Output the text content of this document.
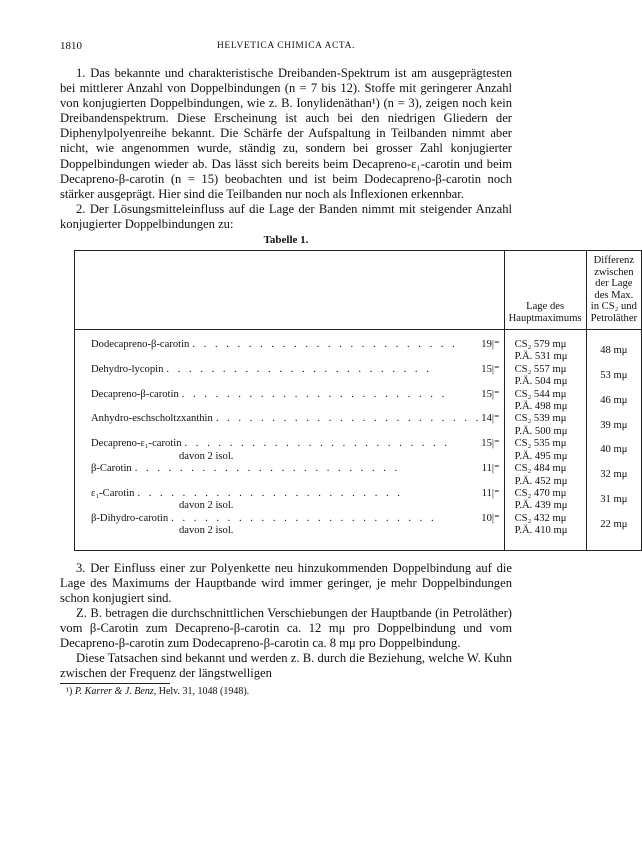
1810	HELVETICA CHIMICA ACTA.

1. Das bekannte und charakteristische Dreibanden-Spektrum ist am ausgeprägtesten bei mittlerer Anzahl von Doppelbindungen (n = 7 bis 12). Stoffe mit geringerer Anzahl von konjugierten Doppelbindungen, wie z. B. Ionylidenäthan¹) (n = 3), zeigen noch kein Dreibandenspektrum. Diese Erscheinung ist auch bei den niedrigen Gliedern der Diphenylpolyenreihe bekannt. Die Schärfe der Aufspaltung in Teilbanden nimmt aber nicht, wie angenommen wurde, ständig zu, sondern bei grosser Zahl konjugierter Doppelbindungen wieder ab. Das lässt sich bereits beim Decapreno-ε₁-carotin und beim Decapreno-β-carotin (n = 15) beobachten und ist beim Dodecapreno-β-carotin noch stärker ausgeprägt. Hier sind die Teilbanden nur noch als Inflexionen erkennbar.

2. Der Lösungsmitteleinfluss auf die Lage der Banden nimmt mit steigender Anzahl konjugierter Doppelbindungen zu:

Tabelle 1.
	Lage des
Hauptmaximums	Differenz zwischen
der Lage des Max.
in CS₂ und
Petroläther

Dodecapreno-β-carotin . . . . . . . . . . . . . . . . . . . . . . . . 19|⁼	CS₂ 579 mμ
P.Ä. 531 mμ	48 mμ

Dehydro-lycopin . . . . . . . . . . . . . . . . . . . . . . . . 15|⁼	CS₂ 557 mμ
P.Ä. 504 mμ	53 mμ

Decapreno-β-carotin . . . . . . . . . . . . . . . . . . . . . . . . 15|⁼	CS₂ 544 mμ
P.Ä. 498 mμ	46 mμ

Anhydro-eschscholtzxanthin . . . . . . . . . . . . . . . . . . . . . . . . 14|⁼	CS₂ 539 mμ
P.Ä. 500 mμ	39 mμ

Decapreno-ε₁-carotin . . . . . . . . . . . . . . . . . . . . . . . . 15|⁼
davon 2 isol.	CS₂ 535 mμ
P.Ä. 495 mμ	40 mμ

β-Carotin . . . . . . . . . . . . . . . . . . . . . . . . 11|⁼	CS₂ 484 mμ
P.Ä. 452 mμ	32 mμ

ε₁-Carotin . . . . . . . . . . . . . . . . . . . . . . . . 11|⁼
davon 2 isol.	CS₂ 470 mμ
P.Ä. 439 mμ	31 mμ

β-Dihydro-carotin . . . . . . . . . . . . . . . . . . . . . . . . 10|⁼
davon 2 isol.	CS₂ 432 mμ
P.Ä. 410 mμ	22 mμ

3. Der Einfluss einer zur Polyenkette neu hinzukommenden Doppelbindung auf die Lage des Maximums der Hauptbande wird immer geringer, je mehr Doppelbindungen schon konjugiert sind.

Z. B. betragen die durchschnittlichen Verschiebungen der Hauptbande (in Petroläther) vom β-Carotin zum Decapreno-β-carotin ca. 12 mμ pro Doppelbindung und vom Decapreno-β-carotin zum Dodecapreno-β-carotin ca. 8 mμ pro Doppelbindung.

Diese Tatsachen sind bekannt und werden z. B. durch die Beziehung, welche W. Kuhn zwischen der Frequenz der längstwelligen

¹) P. Karrer & J. Benz, Helv. 31, 1048 (1948).
